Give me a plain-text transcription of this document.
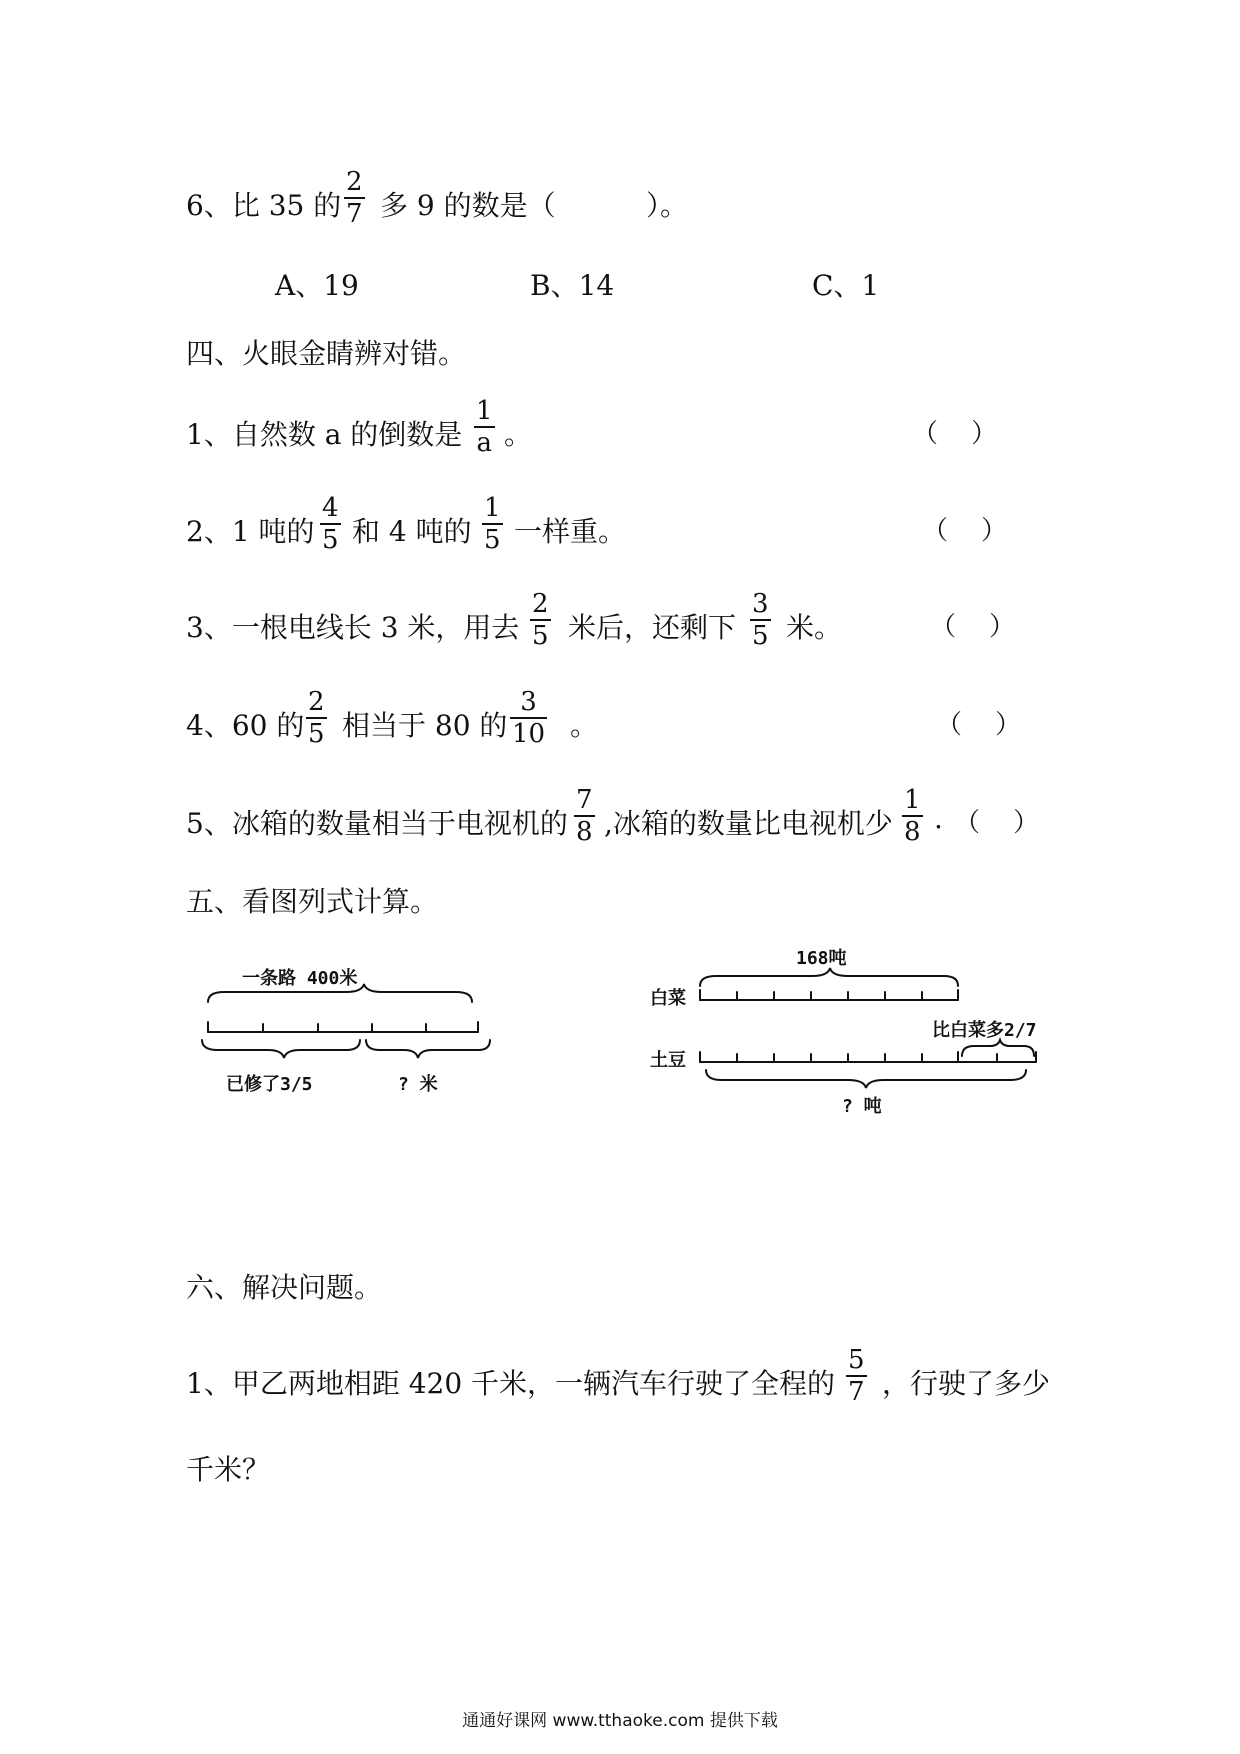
6、比 35 的 $\frac{2}{7}$ 多 9 的数是（	）。
A、19	B、14	C、1
四、火眼金睛辨对错。
1、自然数 a 的倒数是 $\frac{1}{a}$ 。	（ ）
2、1 吨的 $\frac{4}{5}$ 和 4 吨的 $\frac{1}{5}$ 一样重。	（ ）
3、一根电线长 3 米，用去 $\frac{2}{5}$ 米后，还剩下 $\frac{3}{5}$ 米。	（ ）
4、60 的 $\frac{2}{5}$ 相当于 80 的 $\frac{3}{10}$ 。	（ ）
5、冰箱的数量相当于电视机的 $\frac{7}{8}$ ,冰箱的数量比电视机少 $\frac{1}{8}$ . （ ）
五、看图列式计算。
一条路 400米
已修了3/5	? 米
168吨
白菜
土豆
比白菜多2/7
? 吨
六、解决问题。
1、甲乙两地相距 420 千米，一辆汽车行驶了全程的 $\frac{5}{7}$ ，行驶了多少
千米？
通通好课网 www.tthaoke.com 提供下载
